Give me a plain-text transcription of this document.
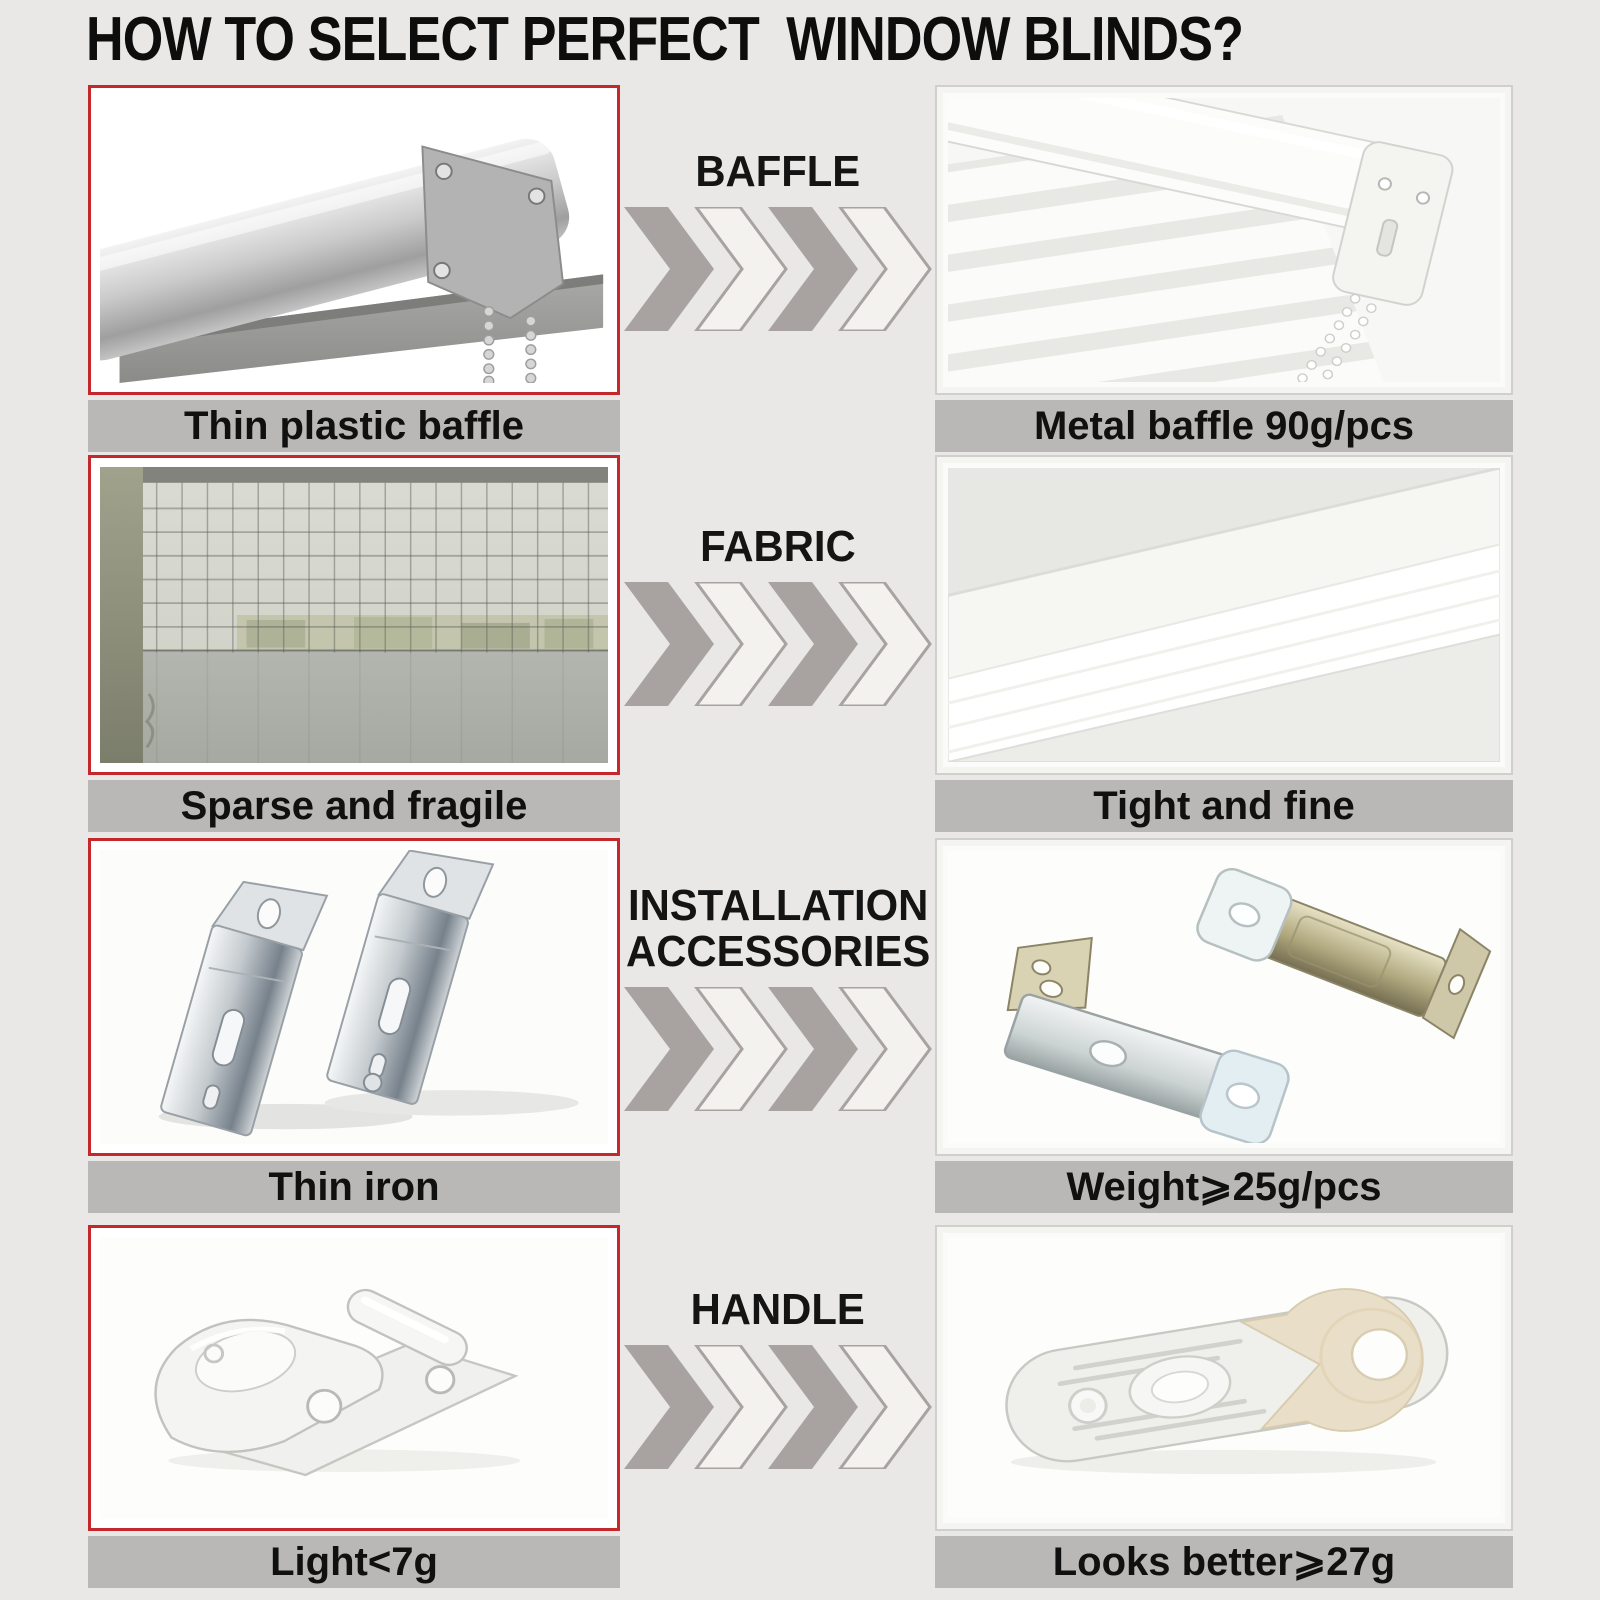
HOW TO SELECT PERFECT  WINDOW BLINDS?
BAFFLE
Thin plastic baffle	Metal baffle 90g/pcs
FABRIC
Sparse and fragile	Tight and fine
INSTALLATION
ACCESSORIES
Thin iron	Weight⩾25g/pcs
HANDLE
Light<7g	Looks better⩾27g
